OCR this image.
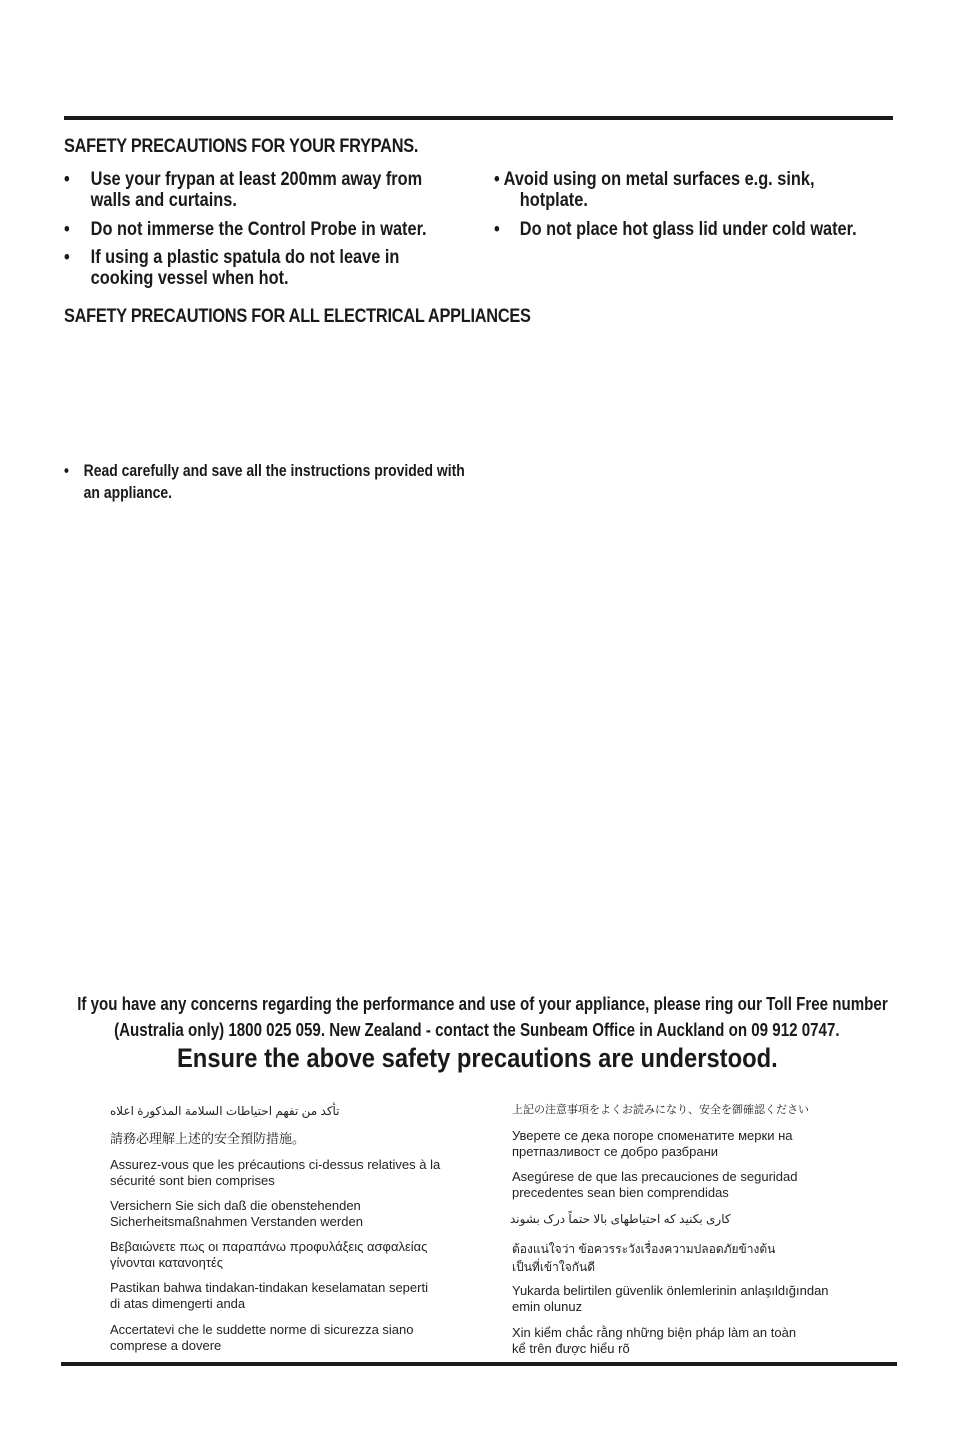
SAFETY PRECAUTIONS FOR YOUR FRYPANS.
•	Use your frypan at least 200mm away from walls and curtains.
•	Do not immerse the Control Probe in water.
•	If using a plastic spatula do not leave in cooking vessel when hot.
• Avoid using on metal surfaces e.g. sink, hotplate.
•	Do not place hot glass lid under cold water.
SAFETY PRECAUTIONS FOR ALL ELECTRICAL APPLIANCES
• Read carefully and save all the instructions provided with an appliance.
If you have any concerns regarding the performance and use of your appliance, please ring our Toll Free number
(Australia only) 1800 025 059. New Zealand - contact the Sunbeam Office in Auckland on 09 912 0747.
Ensure the above safety precautions are understood.
تأكد من تفهم احتياطات السلامة المذكورة اعلاه
請務必理解上述的安全預防措施。
Assurez-vous que les précautions ci-dessus relatives à la
sécurité sont bien comprises
Versichern Sie sich daß die obenstehenden
Sicherheitsmaßnahmen Verstanden werden
Βεβαιώνετε πως οι παραπάνω προφυλάξεις ασφαλείας
γίνονται κατανοητές
Pastikan bahwa tindakan-tindakan keselamatan seperti
di atas dimengerti anda
Accertatevi che le suddette norme di sicurezza siano
comprese a dovere
上記の注意事項をよくお読みになり、安全を御確認ください
Уверете се дека погоре споменатите мерки на
претпазливост се добро разбрани
Asegúrese de que las precauciones de seguridad
precedentes sean bien comprendidas
کاری بکنید که احتیاطهای بالا حتماً درک بشوند
ต้องแน่ใจว่า ข้อควรระวังเรื่องความปลอดภัยข้างต้น
เป็นที่เข้าใจกันดี
Yukarda belirtilen güvenlik önlemlerinin anlaşıldığından
emin olunuz
Xin kiểm chắc rằng những biện pháp làm an toàn
kể trên được hiểu rõ
